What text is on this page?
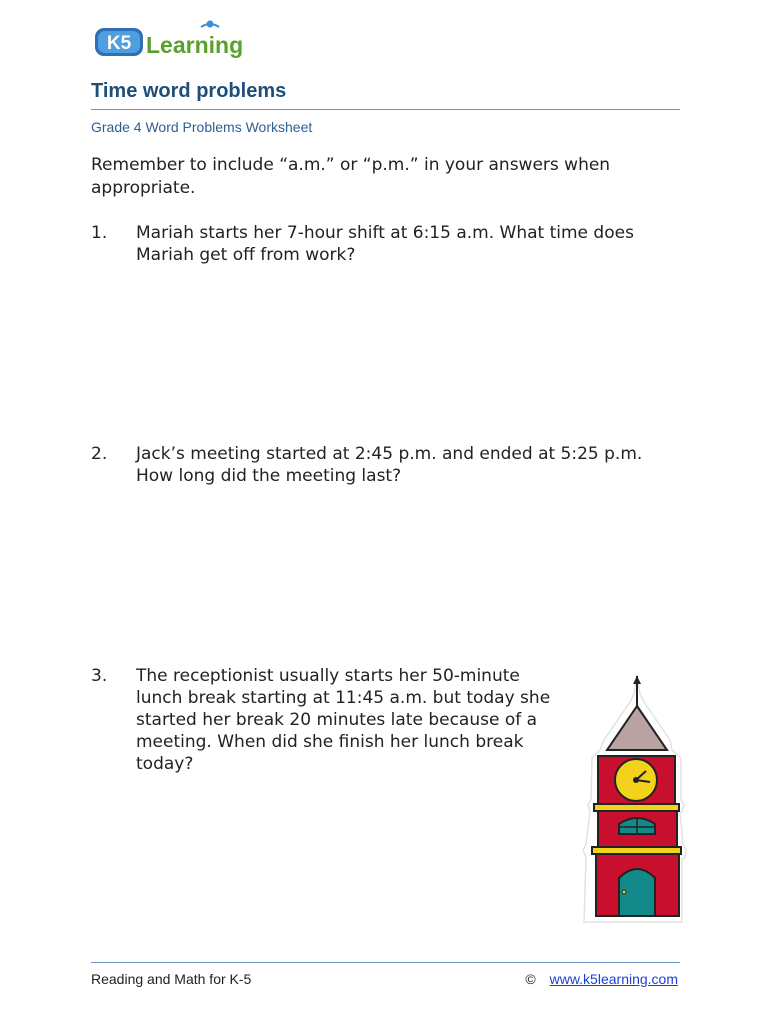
K5 Learning
Time word problems
Grade 4 Word Problems Worksheet
Remember to include “a.m.” or “p.m.” in your answers when appropriate.
1. Mariah starts her 7-hour shift at 6:15 a.m. What time does Mariah get off from work?
2. Jack’s meeting started at 2:45 p.m. and ended at 5:25 p.m. How long did the meeting last?
3. The receptionist usually starts her 50-minute lunch break starting at 11:45 a.m. but today she started her break 20 minutes late because of a meeting. When did she finish her lunch break today?
Reading and Math for K-5	© www.k5learning.com
